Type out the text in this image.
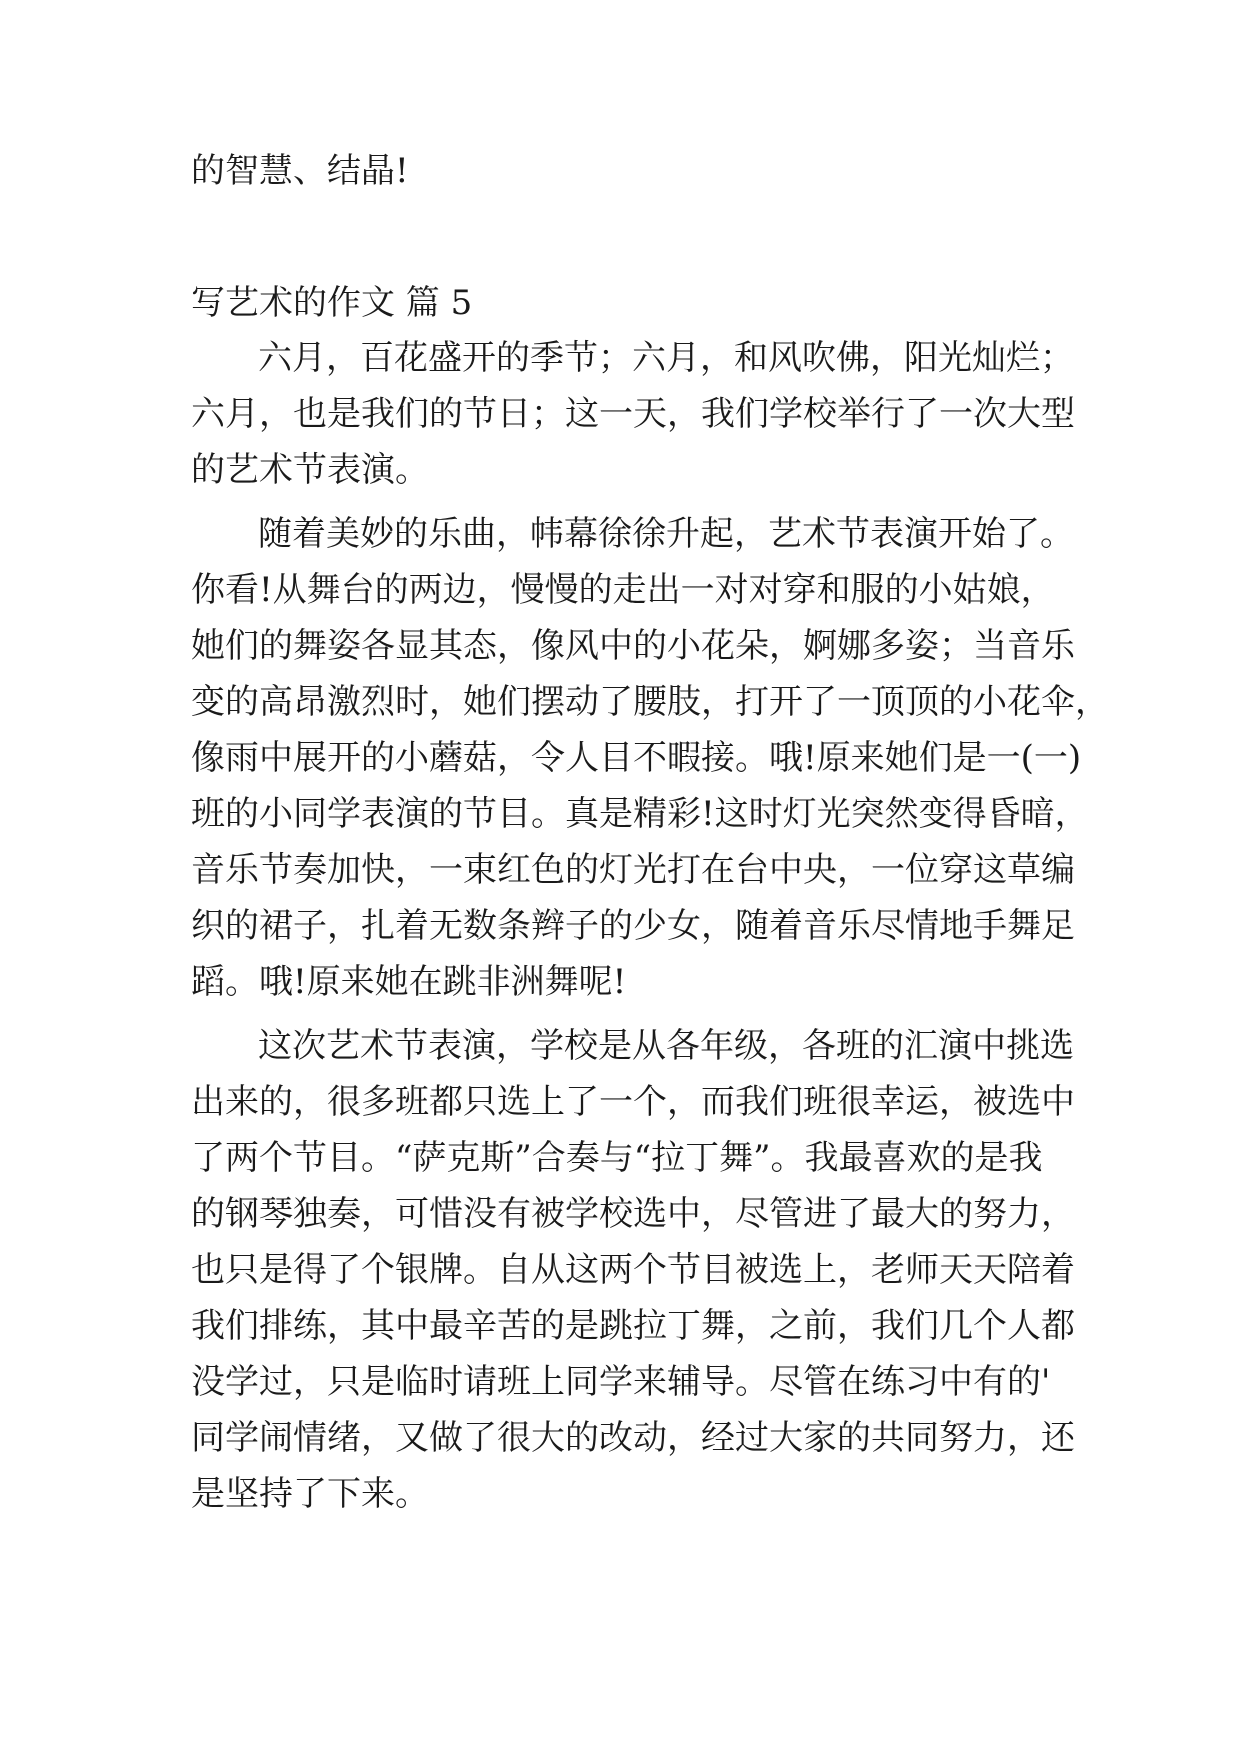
的智慧、结晶!
写艺术的作文 篇 5
六月，百花盛开的季节；六月，和风吹佛，阳光灿烂；
六月，也是我们的节日；这一天，我们学校举行了一次大型
的艺术节表演。
随着美妙的乐曲，帏幕徐徐升起，艺术节表演开始了。
你看!从舞台的两边，慢慢的走出一对对穿和服的小姑娘，
她们的舞姿各显其态，像风中的小花朵，婀娜多姿；当音乐
变的高昂激烈时，她们摆动了腰肢，打开了一顶顶的小花伞，
像雨中展开的小蘑菇，令人目不暇接。哦!原来她们是一(一)
班的小同学表演的节目。真是精彩!这时灯光突然变得昏暗，
音乐节奏加快，一束红色的灯光打在台中央，一位穿这草编
织的裙子，扎着无数条辫子的少女，随着音乐尽情地手舞足
蹈。哦!原来她在跳非洲舞呢!
这次艺术节表演，学校是从各年级，各班的汇演中挑选
出来的，很多班都只选上了一个，而我们班很幸运，被选中
了两个节目。“萨克斯”合奏与“拉丁舞”。我最喜欢的是我
的钢琴独奏，可惜没有被学校选中，尽管进了最大的努力，
也只是得了个银牌。自从这两个节目被选上，老师天天陪着
我们排练，其中最辛苦的是跳拉丁舞，之前，我们几个人都
没学过，只是临时请班上同学来辅导。尽管在练习中有的'
同学闹情绪，又做了很大的改动，经过大家的共同努力，还
是坚持了下来。
